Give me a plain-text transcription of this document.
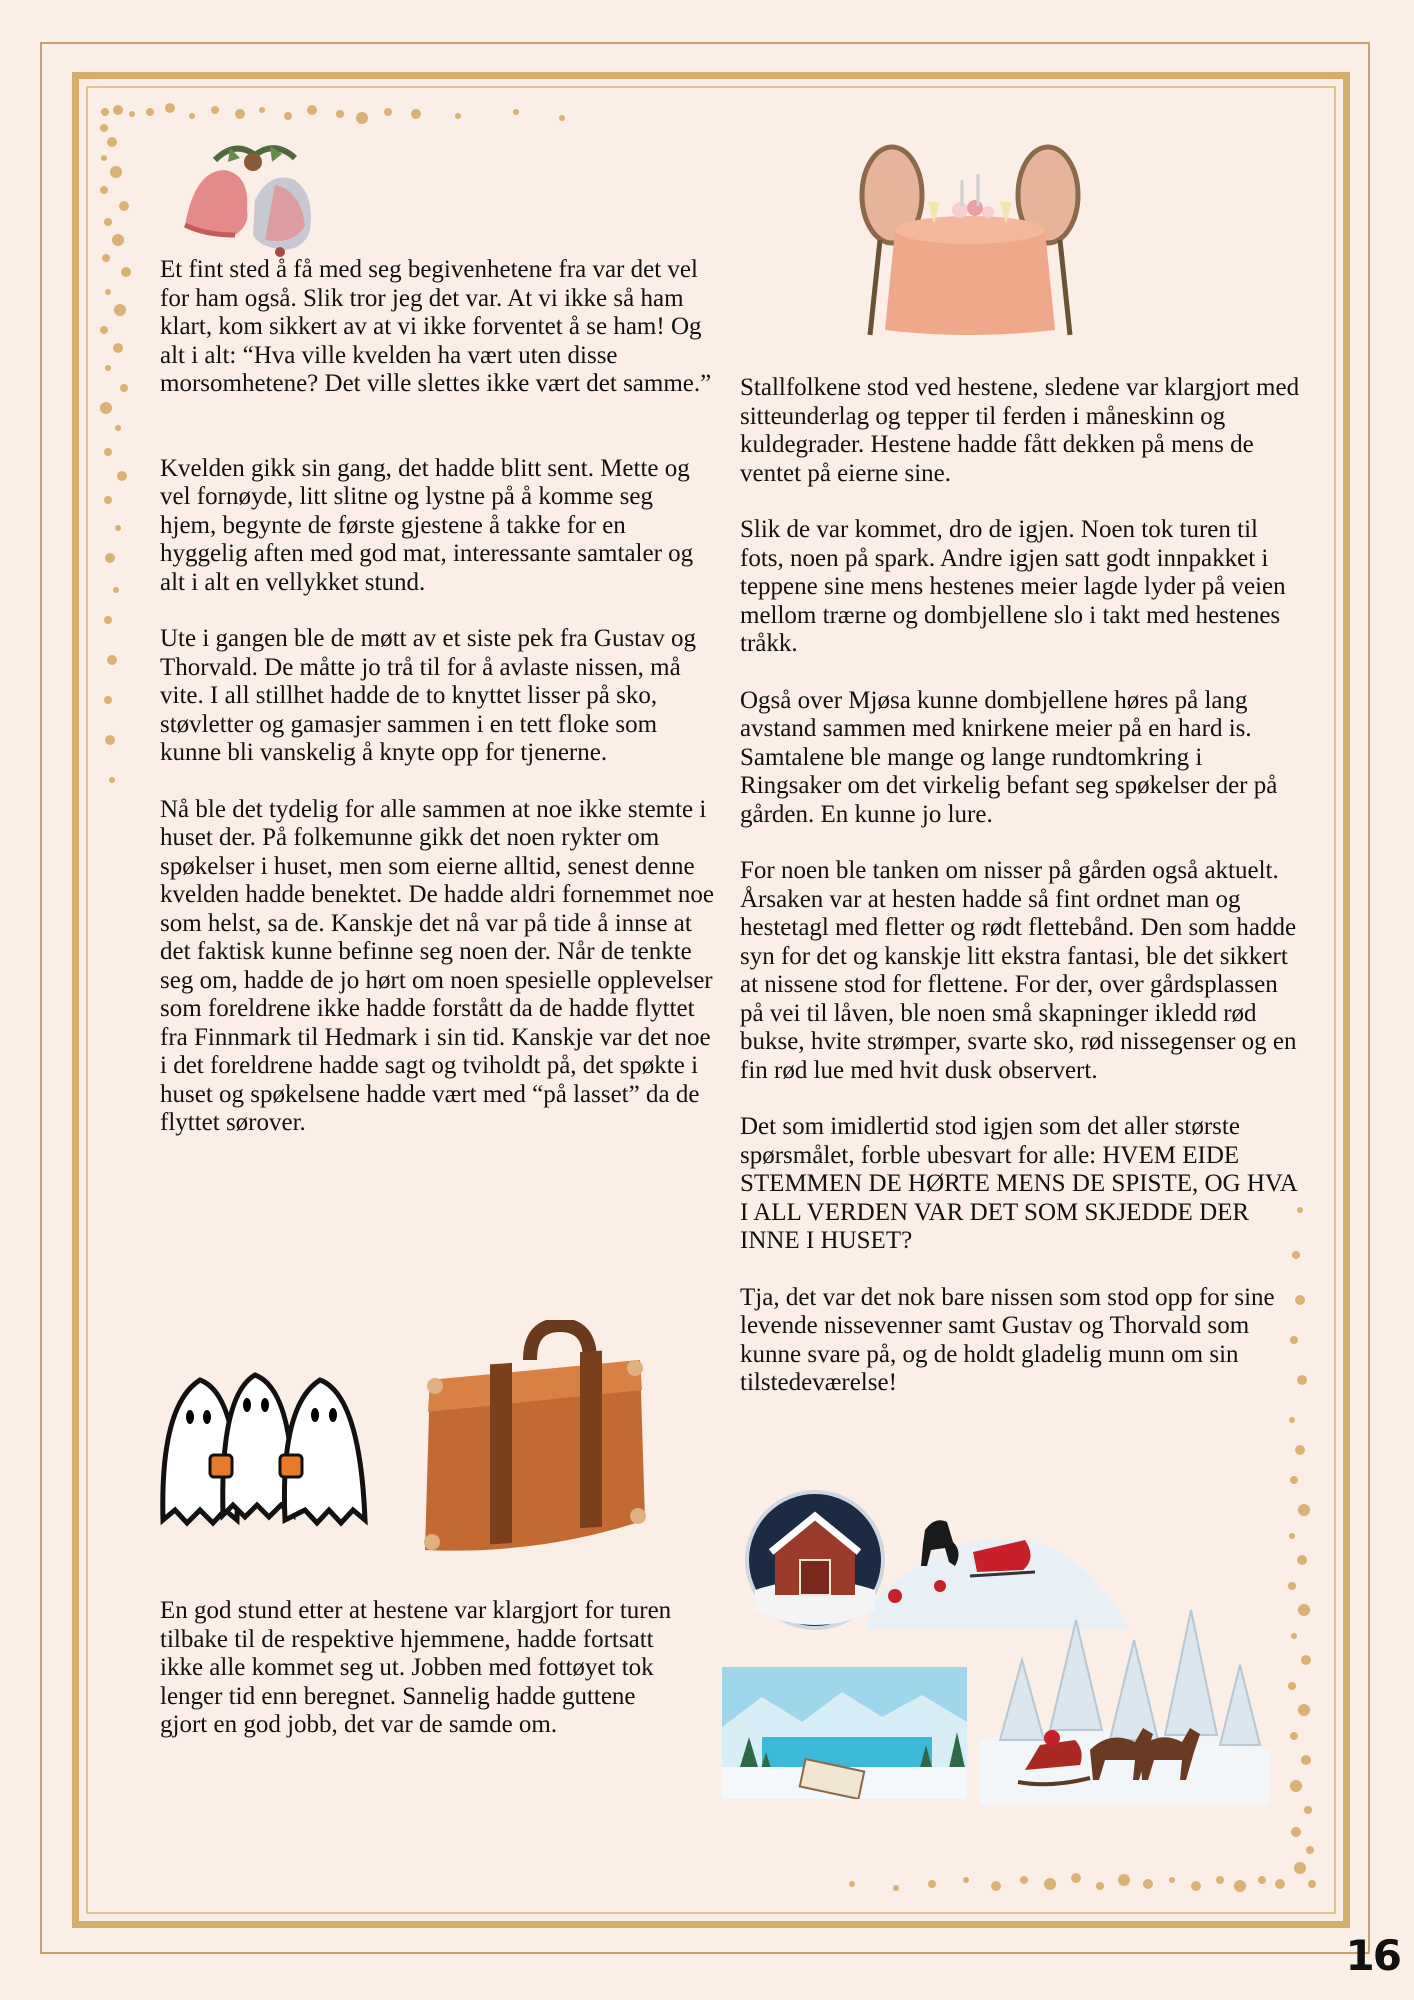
Et fint sted å få med seg begivenhetene fra var det vel for ham også. Slik tror jeg det var. At vi ikke så ham klart, kom sikkert av at vi ikke forventet å se ham! Og alt i alt: “Hva ville kvelden ha vært uten disse morsomhetene? Det ville slettes ikke vært det samme.”

Kvelden gikk sin gang, det hadde blitt sent. Mette og vel fornøyde, litt slitne og lystne på å komme seg hjem, begynte de første gjestene å takke for en hyggelig aften med god mat, interessante samtaler og alt i alt en vellykket stund.

Ute i gangen ble de møtt av et siste pek fra Gustav og Thorvald. De måtte jo trå til for å avlaste nissen, må vite. I all stillhet hadde de to knyttet lisser på sko, støvletter og gamasjer sammen i en tett floke som kunne bli vanskelig å knyte opp for tjenerne.

Nå ble det tydelig for alle sammen at noe ikke stemte i huset der. På folkemunne gikk det noen rykter om spøkelser i huset, men som eierne alltid, senest denne kvelden hadde benektet. De hadde aldri fornemmet noe som helst, sa de. Kanskje det nå var på tide å innse at det faktisk kunne befinne seg noen der. Når de tenkte seg om, hadde de jo hørt om noen spesielle opplevelser som foreldrene ikke hadde forstått da de hadde flyttet fra Finnmark til Hedmark i sin tid. Kanskje var det noe i det foreldrene hadde sagt og tviholdt på, det spøkte i huset og spøkelsene hadde vært med “på lasset” da de flyttet sørover.

En god stund etter at hestene var klargjort for turen tilbake til de respektive hjemmene, hadde fortsatt ikke alle kommet seg ut. Jobben med fottøyet tok lenger tid enn beregnet. Sannelig hadde guttene gjort en god jobb, det var de samde om.

Stallfolkene stod ved hestene, sledene var klargjort med sitteunderlag og tepper til ferden i måneskinn og kuldegrader. Hestene hadde fått dekken på mens de ventet på eierne sine.

Slik de var kommet, dro de igjen. Noen tok turen til fots, noen på spark. Andre igjen satt godt innpakket i teppene sine mens hestenes meier lagde lyder på veien mellom trærne og dombjellene slo i takt med hestenes tråkk.

Også over Mjøsa kunne dombjellene høres på lang avstand sammen med knirkene meier på en hard is. Samtalene ble mange og lange rundtomkring i Ringsaker om det virkelig befant seg spøkelser der på gården. En kunne jo lure.

For noen ble tanken om nisser på gården også aktuelt. Årsaken var at hesten hadde så fint ordnet man og hestetagl med fletter og rødt flettebånd. Den som hadde syn for det og kanskje litt ekstra fantasi, ble det sikkert at nissene stod for flettene. For der, over gårdsplassen på vei til låven, ble noen små skapninger ikledd rød bukse, hvite strømper, svarte sko, rød nissegenser og en fin rød lue med hvit dusk observert.

Det som imidlertid stod igjen som det aller største spørsmålet, forble ubesvart for alle: HVEM EIDE STEMMEN DE HØRTE MENS DE SPISTE, OG HVA I ALL VERDEN VAR DET SOM SKJEDDE DER INNE I HUSET?

Tja, det var det nok bare nissen som stod opp for sine levende nissevenner samt Gustav og Thorvald som kunne svare på, og de holdt gladelig munn om sin tilstedeværelse!

16
